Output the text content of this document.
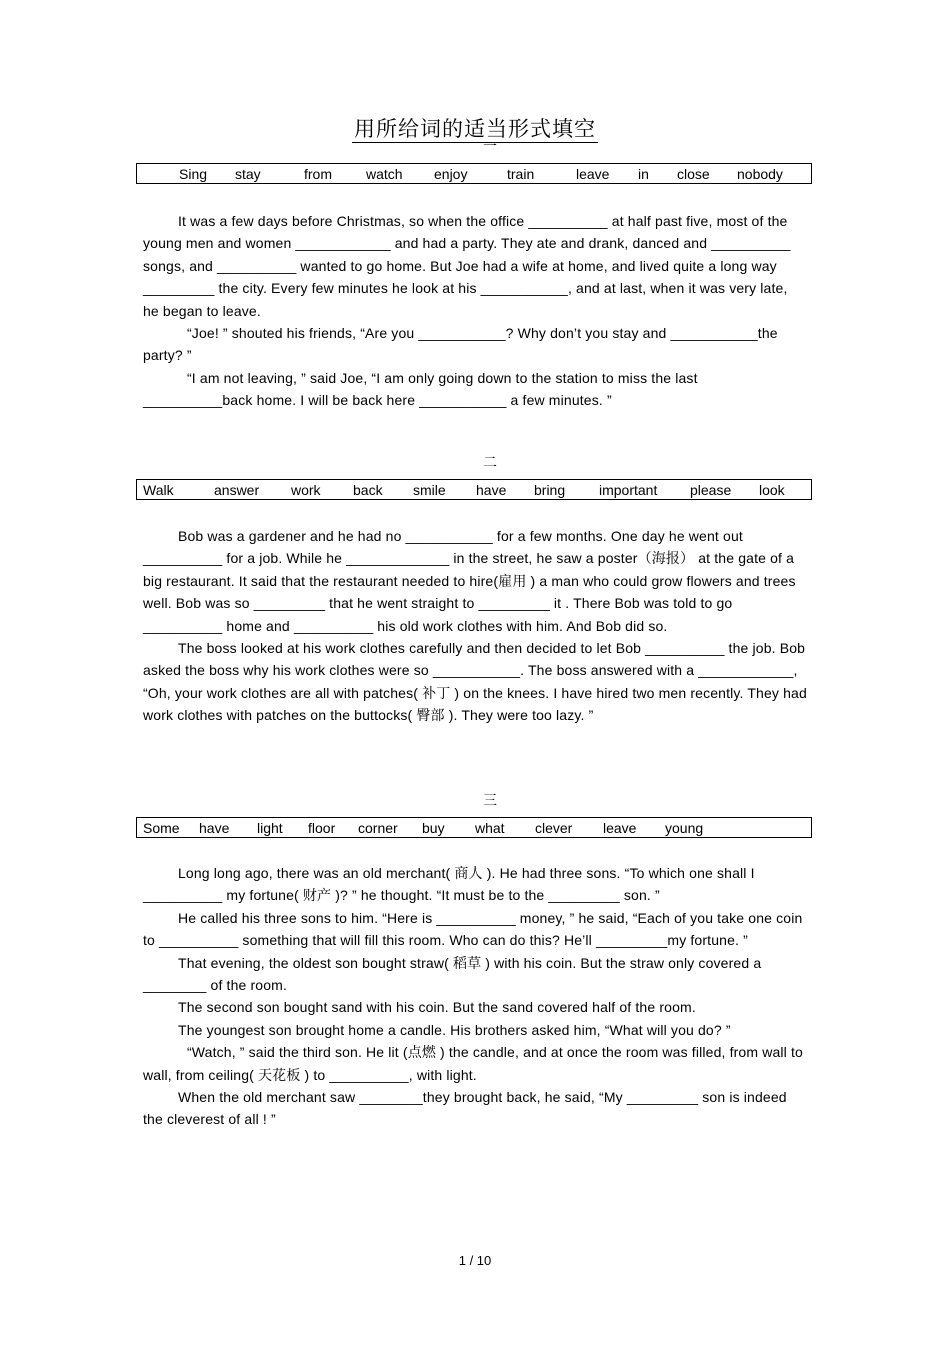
用所给词的适当形式填空
一
Sing stay	from watch enjoy	train	leave in close nobody

It was a few days before Christmas, so when the office __________ at half past five, most of the young men and women ____________ and had a party. They ate and drank, danced and __________ songs, and __________ wanted to go home. But Joe had a wife at home, and lived quite a long way _________ the city. Every few minutes he look at his ___________, and at last, when it was very late, he began to leave.

“Joe! ” shouted his friends, “Are you ___________? Why don’t you stay and ___________the party? ”

“I am not leaving, ” said Joe, “I am only going down to the station to miss the last __________back home. I will be back here ___________ a few minutes. ”

二
Walk	answer work back smile have bring important please look

Bob was a gardener and he had no ___________ for a few months. One day he went out __________ for a job. While he _____________ in the street, he saw a poster（海报） at the gate of a big restaurant. It said that the restaurant needed to hire(雇用 ) a man who could grow flowers and trees well. Bob was so _________ that he went straight to _________ it . There Bob was told to go __________ home and __________ his old work clothes with him. And Bob did so.

The boss looked at his work clothes carefully and then decided to let Bob __________ the job. Bob asked the boss why his work clothes were so ___________. The boss answered with a ____________, “Oh, your work clothes are all with patches( 补丁 ) on the knees. I have hired two men recently. They had work clothes with patches on the buttocks( 臀部 ). They were too lazy. ”

三
Some have light floor corner buy what clever leave young

Long long ago, there was an old merchant( 商人 ). He had three sons. “To which one shall I __________ my fortune( 财产 )? ” he thought. “It must be to the _________ son. ”

He called his three sons to him. “Here is __________ money, ” he said, “Each of you take one coin to __________ something that will fill this room. Who can do this? He’ll _________my fortune. ”

That evening, the oldest son bought straw( 稻草 ) with his coin. But the straw only covered a ________ of the room.

The second son bought sand with his coin. But the sand covered half of the room.

The youngest son brought home a candle. His brothers asked him, “What will you do? ”

“Watch, ” said the third son. He lit (点燃 ) the candle, and at once the room was filled, from wall to wall, from ceiling( 天花板 ) to __________, with light.

When the old merchant saw ________they brought back, he said, “My _________ son is indeed the cleverest of all ! ”

1 / 10
